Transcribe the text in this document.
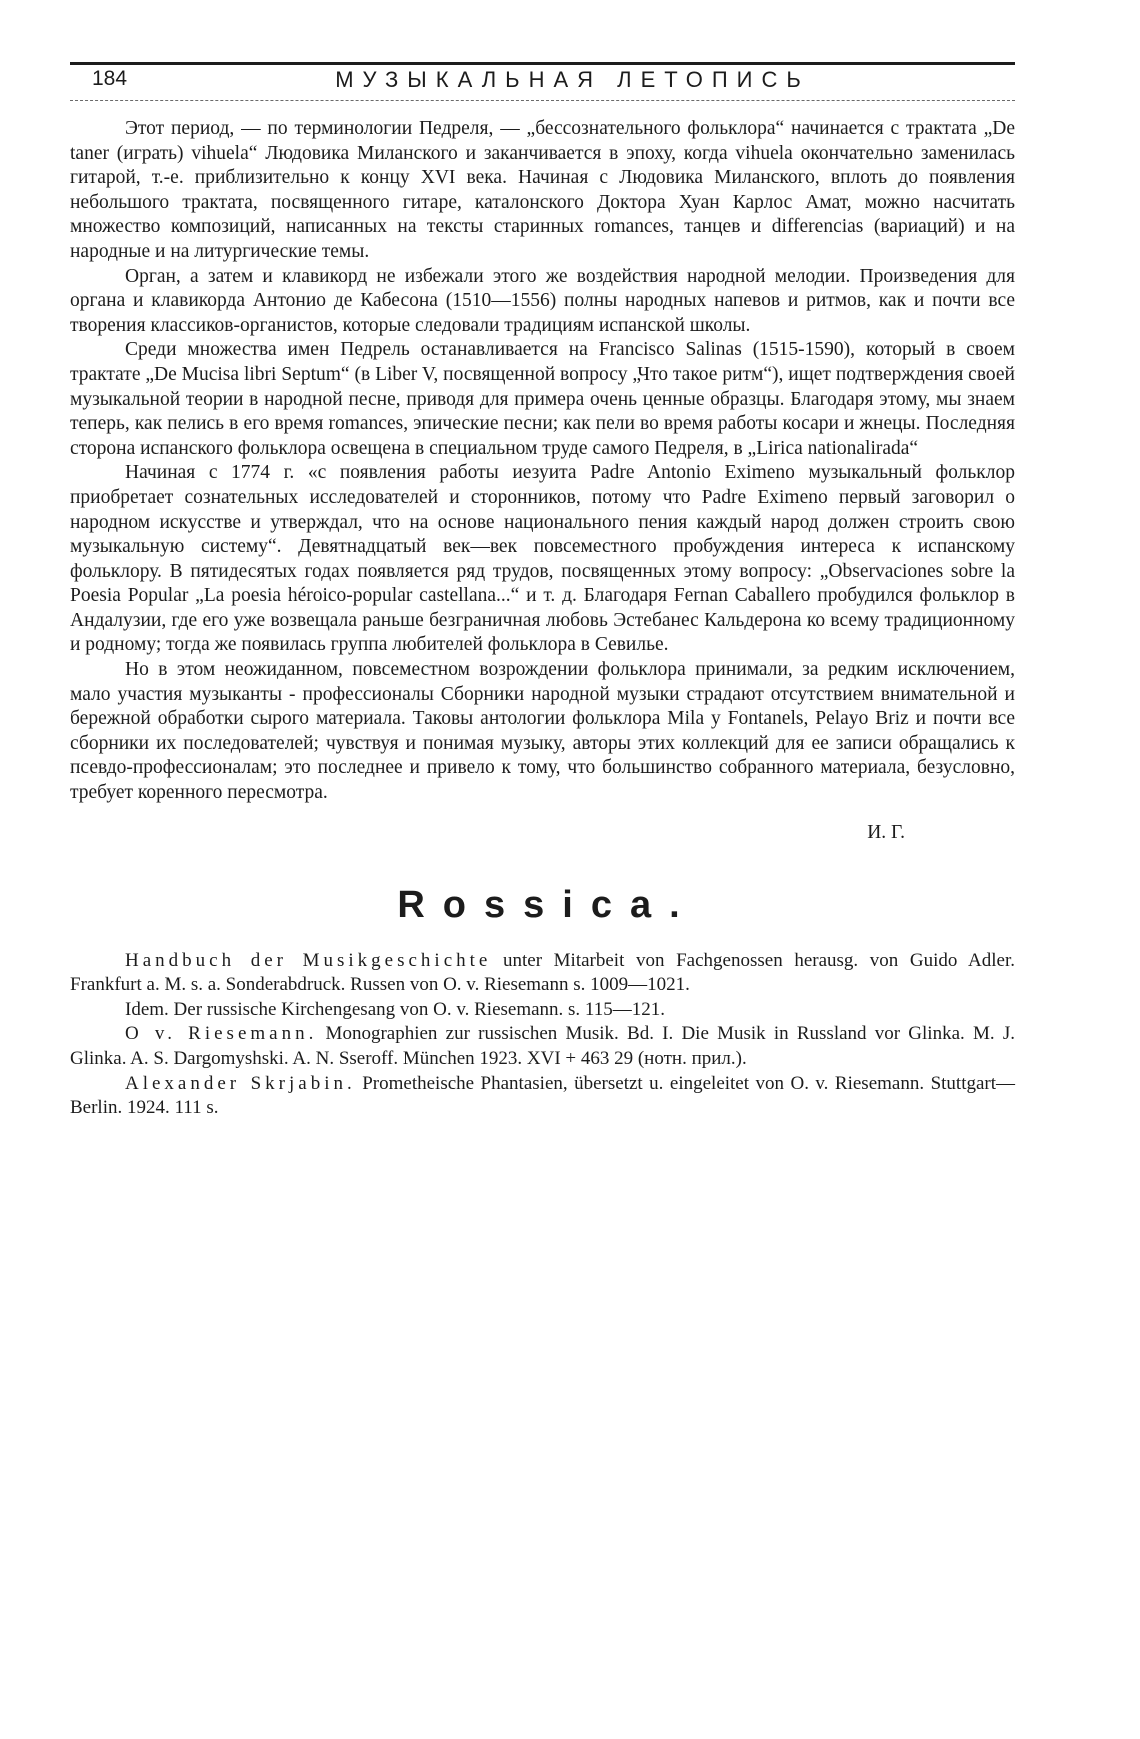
184	МУЗЫКАЛЬНАЯ ЛЕТОПИСЬ

Этот период, — по терминологии Педреля, — „бессознательного фольклора“ начинается с трактата „De taner (играть) vihuela“ Людовика Миланского и заканчивается в эпоху, когда vihuela окончательно заменилась гитарой, т.-е. приблизительно к концу XVI века. Начиная с Людовика Миланского, вплоть до появления небольшого трактата, посвященного гитаре, каталонского Доктора Хуан Карлос Амат, можно насчитать множество композиций, написанных на тексты старинных romances, танцев и differencias (вариаций) и на народные и на литургические темы.

Орган, а затем и клавикорд не избежали этого же воздействия народной мелодии. Произведения для органа и клавикорда Антонио де Кабесона (1510—1556) полны народных напевов и ритмов, как и почти все творения классиков-органистов, которые следовали традициям испанской школы.

Среди множества имен Педрель останавливается на Francisco Salinas (1515-1590), который в своем трактате „De Mucisa libri Septum“ (в Liber V, посвященной вопросу „Что такое ритм“), ищет подтверждения своей музыкальной теории в народной песне, приводя для примера очень ценные образцы. Благодаря этому, мы знаем теперь, как пелись в его время romances, эпические песни; как пели во время работы косари и жнецы. Последняя сторона испанского фольклора освещена в специальном труде самого Педреля, в „Lirica nationalirada“

Начиная с 1774 г. «с появления работы иезуита Padre Antonio Eximeno музыкальный фольклор приобретает сознательных исследователей и сторонников, потому что Padre Eximeno первый заговорил о народном искусстве и утверждал, что на основе национального пения каждый народ должен строить свою музыкальную систему“. Девятнадцатый век—век повсеместного пробуждения интереса к испанскому фольклору. В пятидесятых годах появляется ряд трудов, посвященных этому вопросу: „Observaciones sobre la Poesia Popular „La poesia héroico-popular castellana...“ и т. д. Благодаря Fernan Caballero пробудился фольклор в Андалузии, где его уже возвещала раньше безграничная любовь Эстебанес Кальдерона ко всему традиционному и родному; тогда же появилась группа любителей фольклора в Севилье.

Но в этом неожиданном, повсеместном возрождении фольклора принимали, за редким исключением, мало участия музыканты - профессионалы Сборники народной музыки страдают отсутствием внимательной и бережной обработки сырого материала. Таковы антологии фольклора Mila y Fontanels, Pelayo Briz и почти все сборники их последователей; чувствуя и понимая музыку, авторы этих коллекций для ее записи обращались к псевдо-профессионалам; это последнее и привело к тому, что большинство собранного материала, безусловно, требует коренного пересмотра.

И. Г.
Rossica.

Handbuch der Musikgeschichte unter Mitarbeit von Fachgenossen herausg. von Guido Adler. Frankfurt a. M. s. a. Sonderabdruck. Russen von O. v. Riesemann s. 1009—1021.

Idem. Der russische Kirchengesang von O. v. Riesemann. s. 115—121.

O v. Riesemann. Monographien zur russischen Musik. Bd. I. Die Musik in Russland vor Glinka. M. J. Glinka. A. S. Dargomyshski. A. N. Sseroff. München 1923. XVI + 463 29 (нотн. прил.).

Alexander Skrjabin. Prometheische Phantasien, übersetzt u. eingeleitet von O. v. Riesemann. Stuttgart—Berlin. 1924. 111 s.
